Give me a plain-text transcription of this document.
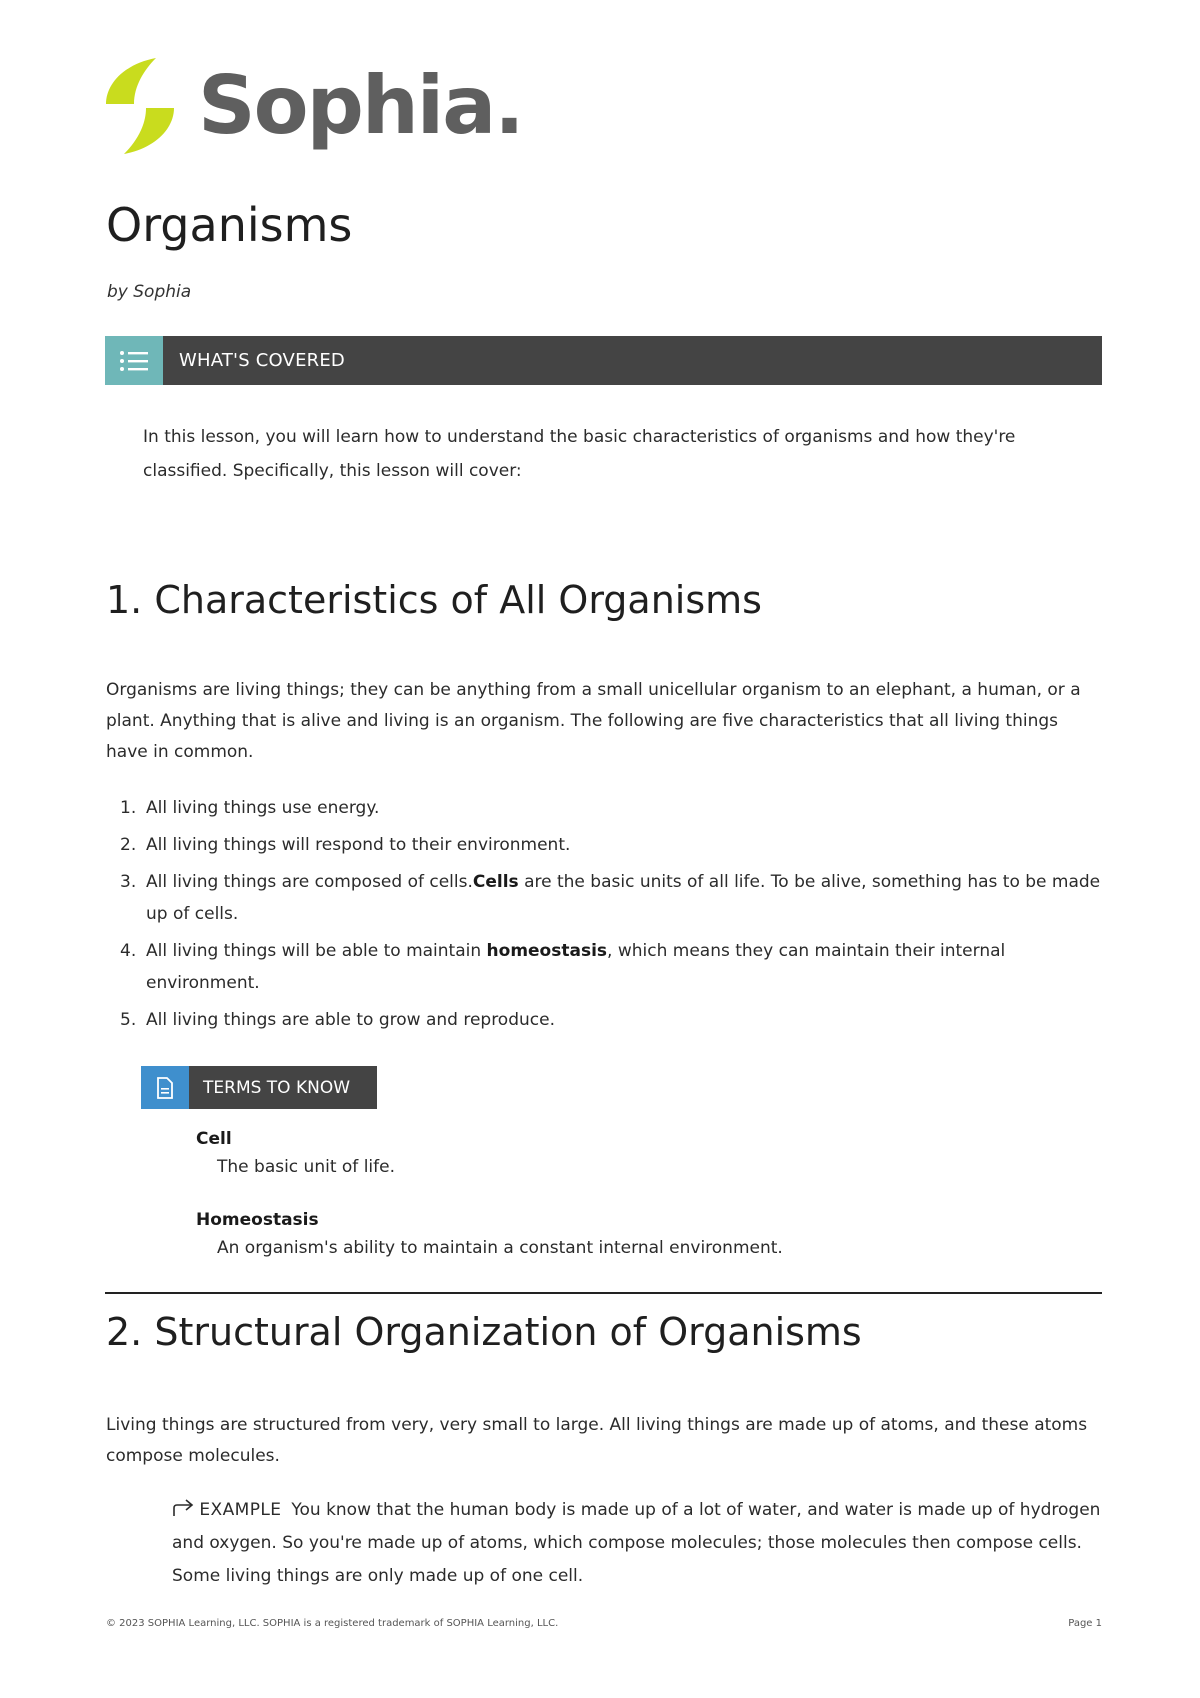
Sophia.
Organisms
by Sophia
WHAT'S COVERED
In this lesson, you will learn how to understand the basic characteristics of organisms and how they're classified. Specifically, this lesson will cover:
1. Characteristics of All Organisms
Organisms are living things; they can be anything from a small unicellular organism to an elephant, a human, or a plant. Anything that is alive and living is an organism. The following are five characteristics that all living things have in common.
1. All living things use energy.
2. All living things will respond to their environment.
3. All living things are composed of cells.Cells are the basic units of all life. To be alive, something has to be made up of cells.
4. All living things will be able to maintain homeostasis, which means they can maintain their internal environment.
5. All living things are able to grow and reproduce.
TERMS TO KNOW
Cell
The basic unit of life.
Homeostasis
An organism's ability to maintain a constant internal environment.
2. Structural Organization of Organisms
Living things are structured from very, very small to large. All living things are made up of atoms, and these atoms compose molecules.
EXAMPLE You know that the human body is made up of a lot of water, and water is made up of hydrogen and oxygen. So you're made up of atoms, which compose molecules; those molecules then compose cells. Some living things are only made up of one cell.
© 2023 SOPHIA Learning, LLC. SOPHIA is a registered trademark of SOPHIA Learning, LLC.	Page 1
